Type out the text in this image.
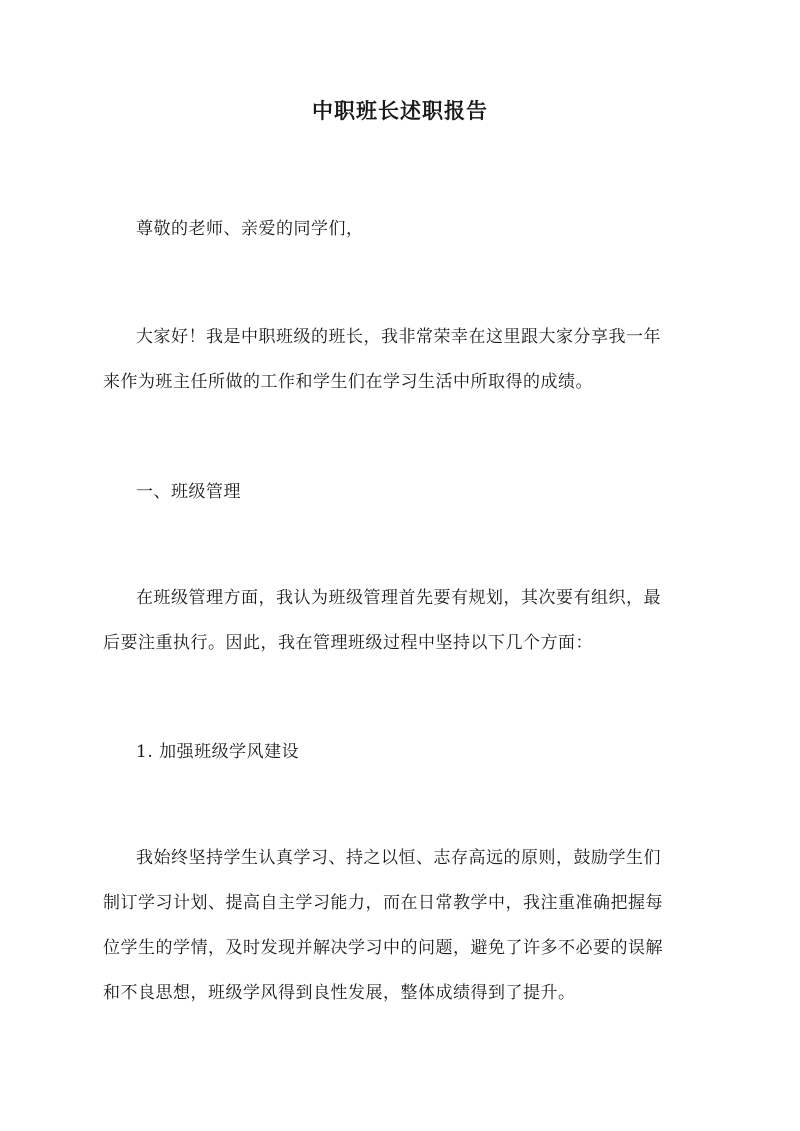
中职班长述职报告

尊敬的老师、亲爱的同学们，

大家好！我是中职班级的班长，我非常荣幸在这里跟大家分享我一年
来作为班主任所做的工作和学生们在学习生活中所取得的成绩。

一、班级管理

在班级管理方面，我认为班级管理首先要有规划，其次要有组织，最
后要注重执行。因此，我在管理班级过程中坚持以下几个方面：

1. 加强班级学风建设

我始终坚持学生认真学习、持之以恒、志存高远的原则，鼓励学生们
制订学习计划、提高自主学习能力，而在日常教学中，我注重准确把握每
位学生的学情，及时发现并解决学习中的问题，避免了许多不必要的误解
和不良思想，班级学风得到良性发展，整体成绩得到了提升。
